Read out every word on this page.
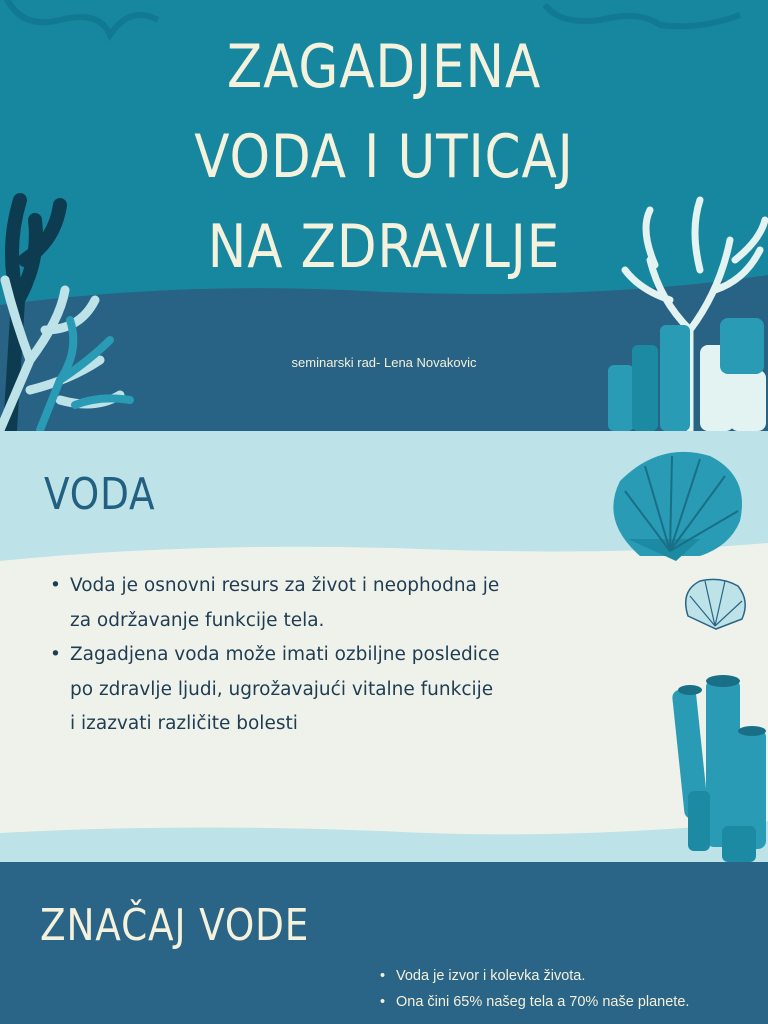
ZAGADJENA
VODA I UTICAJ
NA ZDRAVLJE
seminarski rad- Lena Novakovic
VODA
• Voda je osnovni resurs za život i neophodna je za održavanje funkcije tela.
• Zagadjena voda može imati ozbiljne posledice po zdravlje ljudi, ugrožavajući vitalne funkcije i izazvati različite bolesti
ZNAČAJ VODE
• Voda je izvor i kolevka života.
• Ona čini 65% našeg tela a 70% naše planete.
